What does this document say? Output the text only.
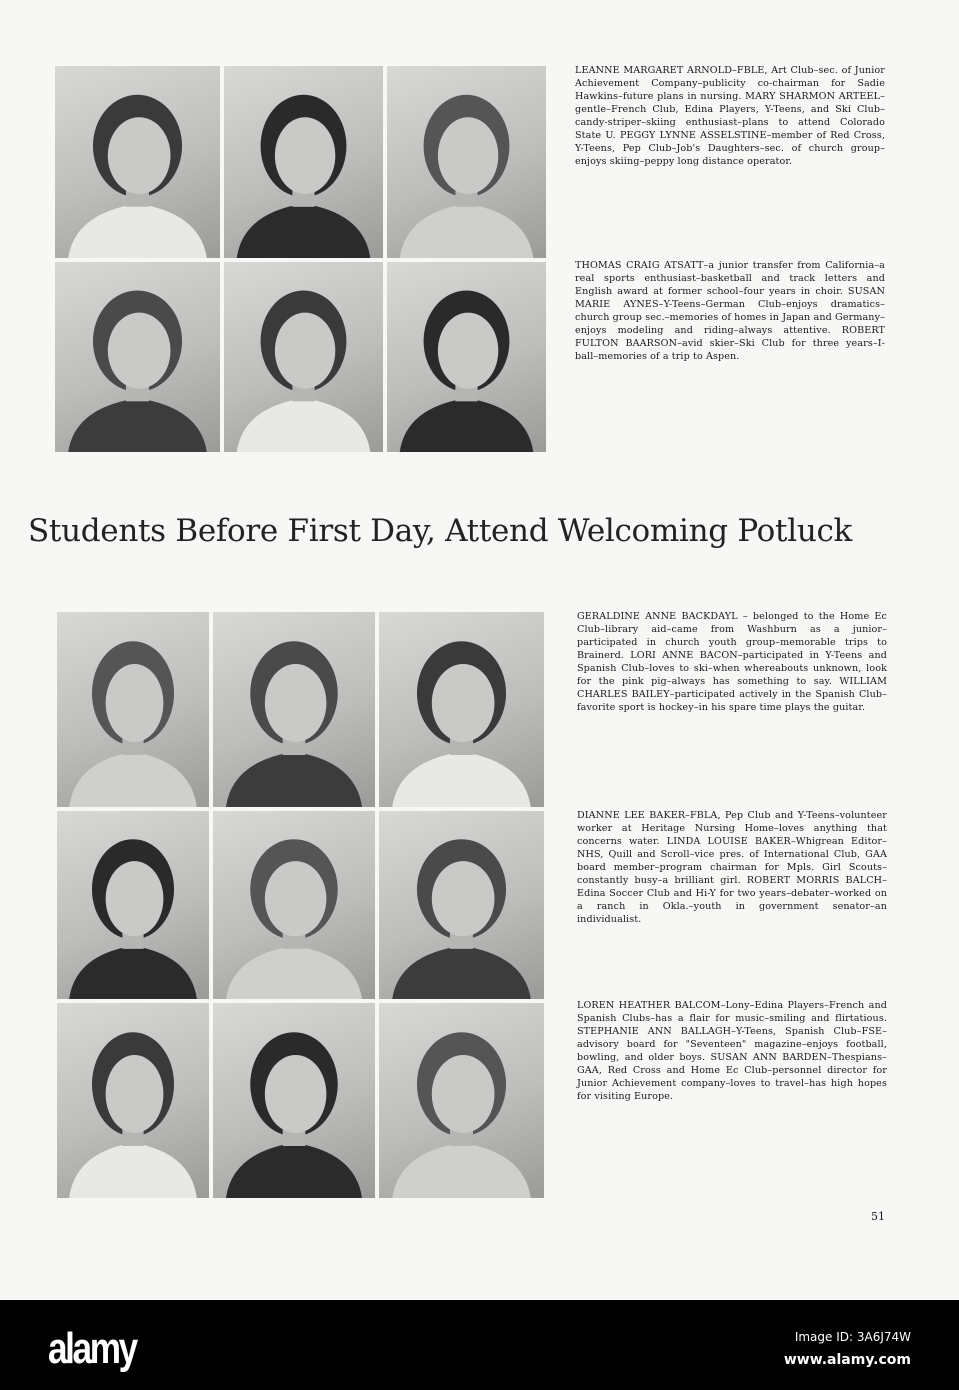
LEANNE MARGARET ARNOLD–FBLE, Art Club–sec. of Junior Achievement Company–publicity co-chairman for Sadie Hawkins–future plans in nursing. MARY SHARMON ARTEEL–gentle–French Club, Edina Players, Y-Teens, and Ski Club–candy-striper–skiing enthusiast–plans to attend Colorado State U. PEGGY LYNNE ASSELSTINE–member of Red Cross, Y-Teens, Pep Club–Job's Daughters–sec. of church group–enjoys skiing–peppy long distance operator.
THOMAS CRAIG ATSATT–a junior transfer from California–a real sports enthusiast–basketball and track letters and English award at former school–four years in choir. SUSAN MARIE AYNES–Y-Teens–German Club–enjoys dramatics–church group sec.–memories of homes in Japan and Germany–enjoys modeling and riding–always attentive. ROBERT FULTON BAARSON–avid skier–Ski Club for three years–I-ball–memories of a trip to Aspen.
Students Before First Day, Attend Welcoming Potluck
GERALDINE ANNE BACKDAYL – belonged to the Home Ec Club–library aid–came from Washburn as a junior–participated in church youth group–memorable trips to Brainerd. LORI ANNE BACON–participated in Y-Teens and Spanish Club–loves to ski–when whereabouts unknown, look for the pink pig–always has something to say. WILLIAM CHARLES BAILEY–participated actively in the Spanish Club–favorite sport is hockey–in his spare time plays the guitar.
DIANNE LEE BAKER–FBLA, Pep Club and Y-Teens–volunteer worker at Heritage Nursing Home–loves anything that concerns water. LINDA LOUISE BAKER–Whigrean Editor–NHS, Quill and Scroll–vice pres. of International Club, GAA board member–program chairman for Mpls. Girl Scouts–constantly busy–a brilliant girl. ROBERT MORRIS BALCH–Edina Soccer Club and Hi-Y for two years–debater–worked on a ranch in Okla.–youth in government senator–an individualist.
LOREN HEATHER BALCOM–Lony–Edina Players–French and Spanish Clubs–has a flair for music–smiling and flirtatious. STEPHANIE ANN BALLAGH–Y-Teens, Spanish Club–FSE–advisory board for "Seventeen" magazine–enjoys football, bowling, and older boys. SUSAN ANN BARDEN–Thespians–GAA, Red Cross and Home Ec Club–personnel director for Junior Achievement company–loves to travel–has high hopes for visiting Europe.
51
alamy	Image ID: 3A6J74W
www.alamy.com
